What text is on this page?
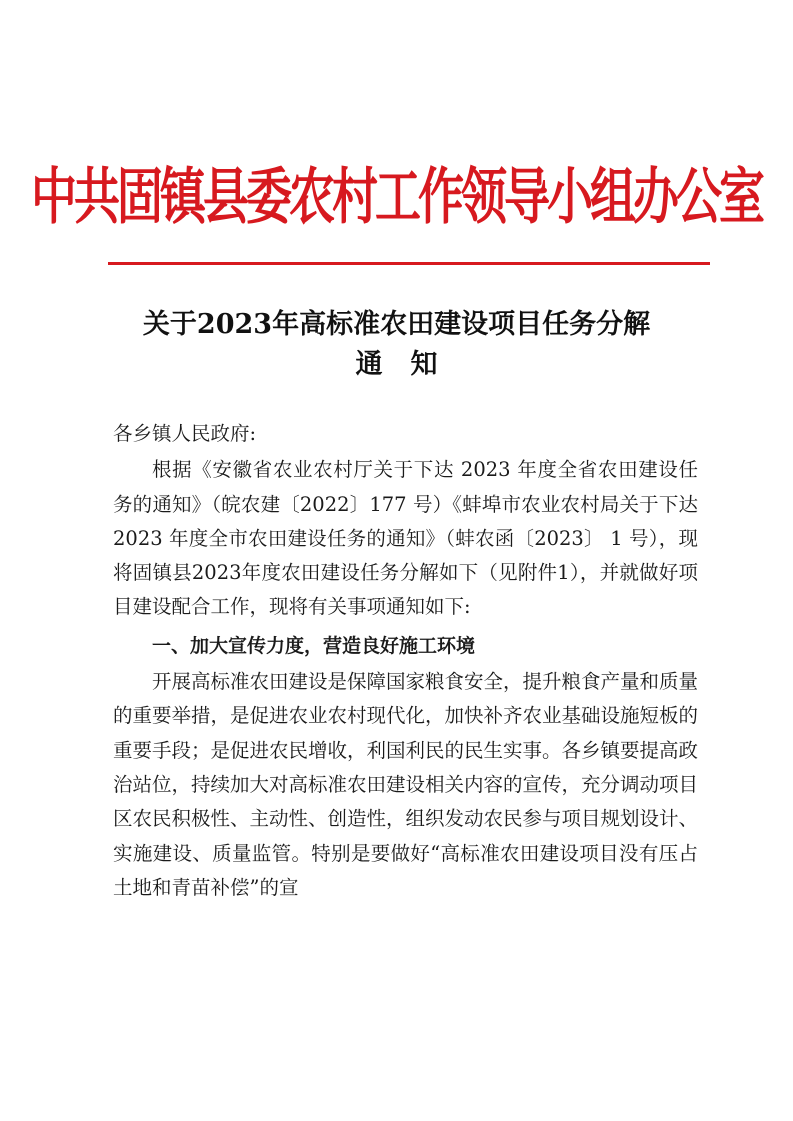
中共固镇县委农村工作领导小组办公室
关于2023年高标准农田建设项目任务分解
通知

各乡镇人民政府:

根据《安徽省农业农村厅关于下达 2023 年度全省农田建设任务的通知》（皖农建〔2022〕177 号）《蚌埠市农业农村局关于下达 2023 年度全市农田建设任务的通知》（蚌农函〔2023〕 1 号），现将固镇县2023年度农田建设任务分解如下（见附件1），并就做好项目建设配合工作，现将有关事项通知如下:

一、加大宣传力度，营造良好施工环境

开展高标准农田建设是保障国家粮食安全，提升粮食产量和质量的重要举措，是促进农业农村现代化，加快补齐农业基础设施短板的重要手段；是促进农民增收，利国利民的民生实事。各乡镇要提高政治站位，持续加大对高标准农田建设相关内容的宣传，充分调动项目区农民积极性、主动性、创造性，组织发动农民参与项目规划设计、实施建设、质量监管。特别是要做好“高标准农田建设项目没有压占土地和青苗补偿”的宣
